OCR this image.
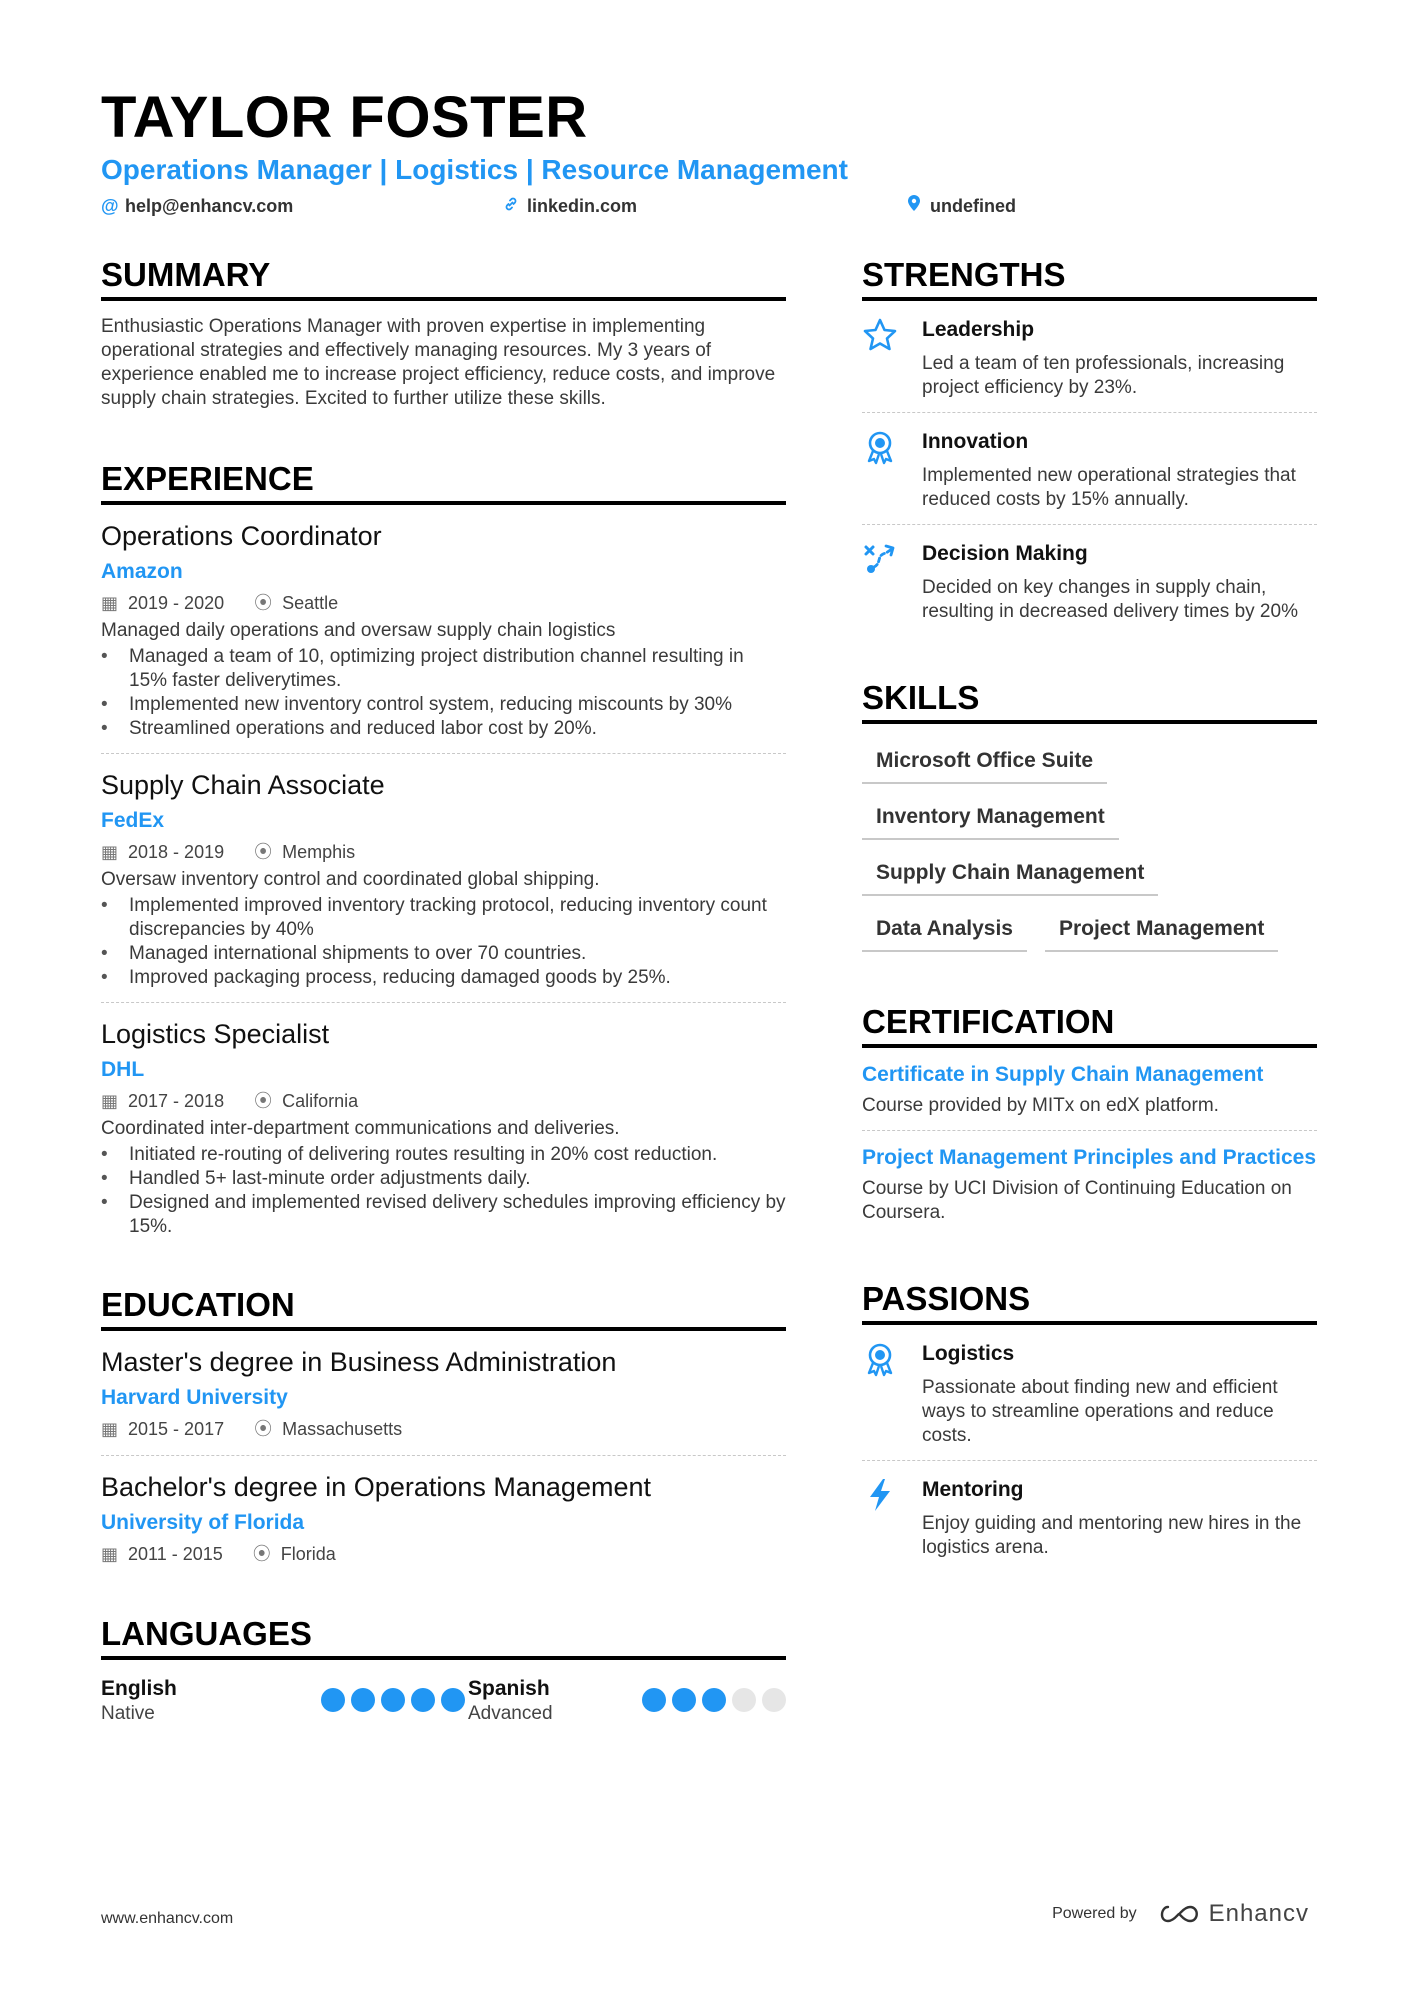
TAYLOR FOSTER
Operations Manager | Logistics | Resource Management
@ help@enhancv.com	linkedin.com	undefined
SUMMARY

Enthusiastic Operations Manager with proven expertise in implementing operational strategies and effectively managing resources. My 3 years of experience enabled me to increase project efficiency, reduce costs, and improve supply chain strategies. Excited to further utilize these skills.

EXPERIENCE
Operations Coordinator
Amazon
▦ 2019 - 2020 ⦿ Seattle
Managed daily operations and oversaw supply chain logistics
• Managed a team of 10, optimizing project distribution channel resulting in 15% faster deliverytimes.
• Implemented new inventory control system, reducing miscounts by 30%
• Streamlined operations and reduced labor cost by 20%.
Supply Chain Associate
FedEx
▦ 2018 - 2019 ⦿ Memphis
Oversaw inventory control and coordinated global shipping.
• Implemented improved inventory tracking protocol, reducing inventory count discrepancies by 40%
• Managed international shipments to over 70 countries.
• Improved packaging process, reducing damaged goods by 25%.
Logistics Specialist
DHL
▦ 2017 - 2018 ⦿ California
Coordinated inter-department communications and deliveries.
• Initiated re-routing of delivering routes resulting in 20% cost reduction.
• Handled 5+ last-minute order adjustments daily.
• Designed and implemented revised delivery schedules improving efficiency by 15%.
EDUCATION
Master's degree in Business Administration
Harvard University
▦ 2015 - 2017 ⦿ Massachusetts
Bachelor's degree in Operations Management
University of Florida
▦ 2011 - 2015 ⦿ Florida
LANGUAGES
English
Native
Spanish
Advanced
STRENGTHS
Leadership
Led a team of ten professionals, increasing project efficiency by 23%.
Innovation
Implemented new operational strategies that reduced costs by 15% annually.
Decision Making
Decided on key changes in supply chain, resulting in decreased delivery times by 20%
SKILLS
Microsoft Office Suite
Inventory Management
Supply Chain Management
Data Analysis	Project Management
CERTIFICATION
Certificate in Supply Chain Management
Course provided by MITx on edX platform.
Project Management Principles and Practices
Course by UCI Division of Continuing Education on Coursera.
PASSIONS
Logistics
Passionate about finding new and efficient ways to streamline operations and reduce costs.
Mentoring
Enjoy guiding and mentoring new hires in the logistics arena.
www.enhancv.com	Powered by	Enhancv
